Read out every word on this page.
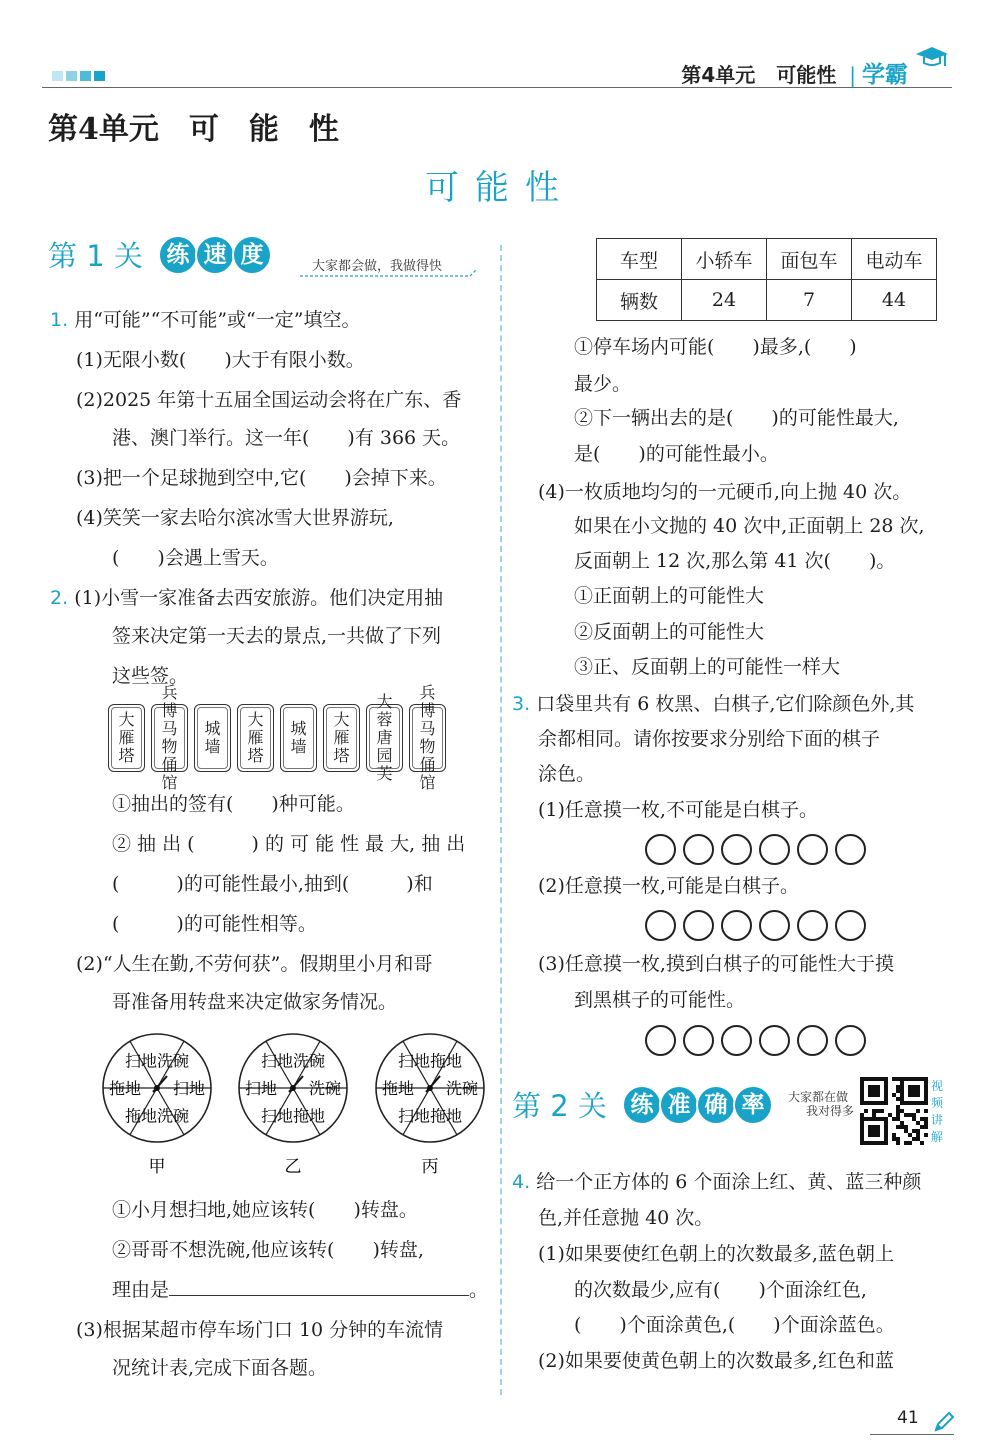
第4单元 可能性 | 学霸
第4单元　可　能　性
可能性
第 1 关	练 速 度	大家都会做，我做得快
1. 用“可能”“不可能”或“一定”填空。
(1)无限小数(　　)大于有限小数。
(2)2025 年第十五届全国运动会将在广东、香
港、澳门举行。这一年(　　)有 366 天。
(3)把一个足球抛到空中,它(　　)会掉下来。
(4)笑笑一家去哈尔滨冰雪大世界游玩,
(　　)会遇上雪天。
2. (1)小雪一家准备去西安旅游。他们决定用抽
签来决定第一天去的景点,一共做了下列
这些签。
大
雁
塔
兵博
马物
俑馆
城
墙
大
雁
塔
城
墙
大
雁
塔
大蓉
唐园
芙
兵博
马物
俑馆
①抽出的签有(　　)种可能。
② 抽 出 (　　　) 的 可 能 性 最 大, 抽 出
(　　　)的可能性最小,抽到(　　　)和
(　　　)的可能性相等。
(2)“人生在勤,不劳何获”。假期里小月和哥
哥准备用转盘来决定做家务情况。
扫地 洗碗
拖地 扫地
拖地 洗碗
甲
扫地 洗碗
扫地 洗碗
扫地 拖地
乙
扫地 拖地
拖地 洗碗
扫地 拖地
丙
①小月想扫地,她应该转(　　)转盘。
②哥哥不想洗碗,他应该转(　　)转盘,
理由是	。
(3)根据某超市停车场门口 10 分钟的车流情
况统计表,完成下面各题。
车型	小轿车	面包车	电动车
辆数	24	7	44
①停车场内可能(　　)最多,(　　)
最少。
②下一辆出去的是(　　)的可能性最大,
是(　　)的可能性最小。
(4)一枚质地均匀的一元硬币,向上抛 40 次。
如果在小文抛的 40 次中,正面朝上 28 次,
反面朝上 12 次,那么第 41 次(　　)。
①正面朝上的可能性大
②反面朝上的可能性大
③正、反面朝上的可能性一样大
3. 口袋里共有 6 枚黑、白棋子,它们除颜色外,其
余都相同。请你按要求分别给下面的棋子
涂色。
(1)任意摸一枚,不可能是白棋子。
(2)任意摸一枚,可能是白棋子。
(3)任意摸一枚,摸到白棋子的可能性大于摸
到黑棋子的可能性。
第 2 关	练 准 确 率	大家都在做
我对得多
视频讲解
4. 给一个正方体的 6 个面涂上红、黄、蓝三种颜
色,并任意抛 40 次。
(1)如果要使红色朝上的次数最多,蓝色朝上
的次数最少,应有(　　)个面涂红色,
(　　)个面涂黄色,(　　)个面涂蓝色。
(2)如果要使黄色朝上的次数最多,红色和蓝
41
